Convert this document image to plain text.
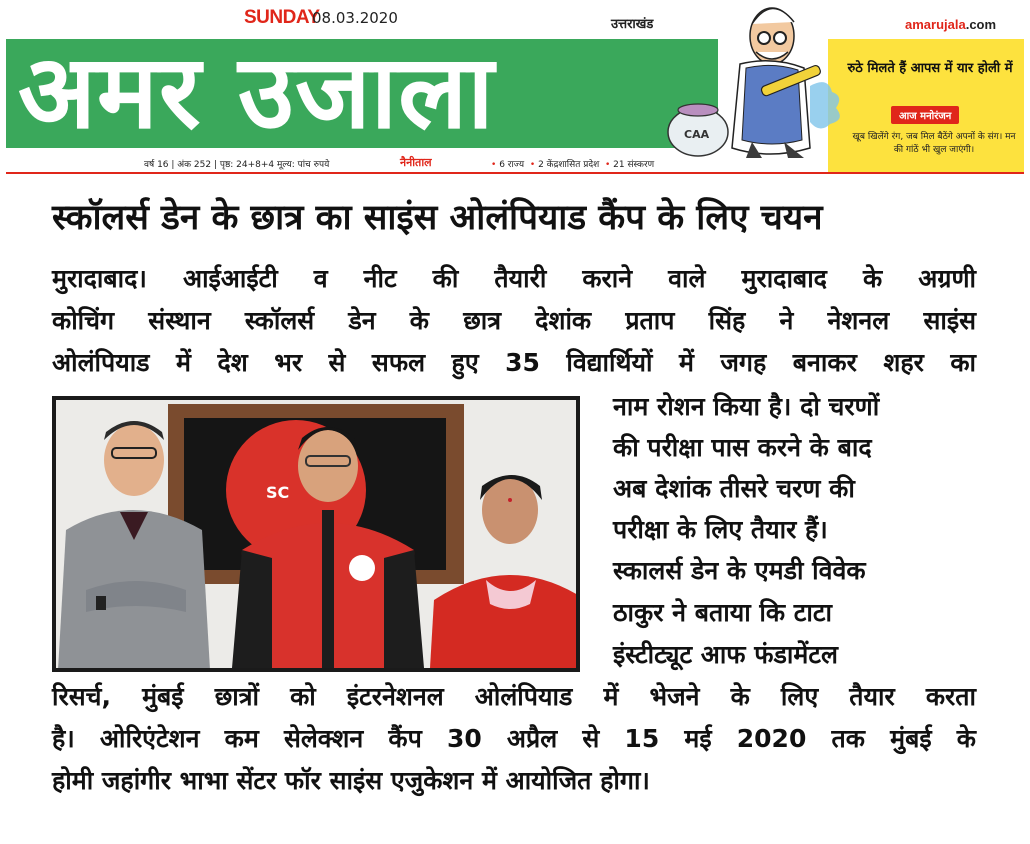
SUNDAY
08.03.2020	उत्तराखंड	amarujala.com
अमर उजाला	रुठे मिलते हैं आपस में यार होली में
आज मनोरंजन
खूब खिलेंगे रंग, जब मिल बैठेंगे अपनों के संग। मन की गांठें भी खुल जाएंगी।
CAA
वर्ष 16 | अंक 252 | पृष्ठ: 24+8+4 मूल्य: पांच रुपये	नैनीताल	• 6 राज्य • 2 केंद्रशासित प्रदेश • 21 संस्करण
स्कॉलर्स डेन के छात्र का साइंस ओलंपियाड कैंप के लिए चयन
मुरादाबाद। आईआईटी व नीट की तैयारी कराने वाले मुरादाबाद के अग्रणी
कोचिंग संस्थान स्कॉलर्स डेन के छात्र देशांक प्रताप सिंह ने नेशनल साइंस
ओलंपियाड में देश भर से सफल हुए 35 विद्यार्थियों में जगह बनाकर शहर का
नाम रोशन किया है। दो चरणों
की परीक्षा पास करने के बाद
अब देशांक तीसरे चरण की
परीक्षा के लिए तैयार हैं।
स्कालर्स डेन के एमडी विवेक
ठाकुर ने बताया कि टाटा
इंस्टीट्यूट आफ फंडामेंटल
रिसर्च, मुंबई छात्रों को इंटरनेशनल ओलंपियाड में भेजने के लिए तैयार करता
है। ओरिएंटेशन कम सेलेक्शन कैंप 30 अप्रैल से 15 मई 2020 तक मुंबई के
होमी जहांगीर भाभा सेंटर फॉर साइंस एजुकेशन में आयोजित होगा।
SC
